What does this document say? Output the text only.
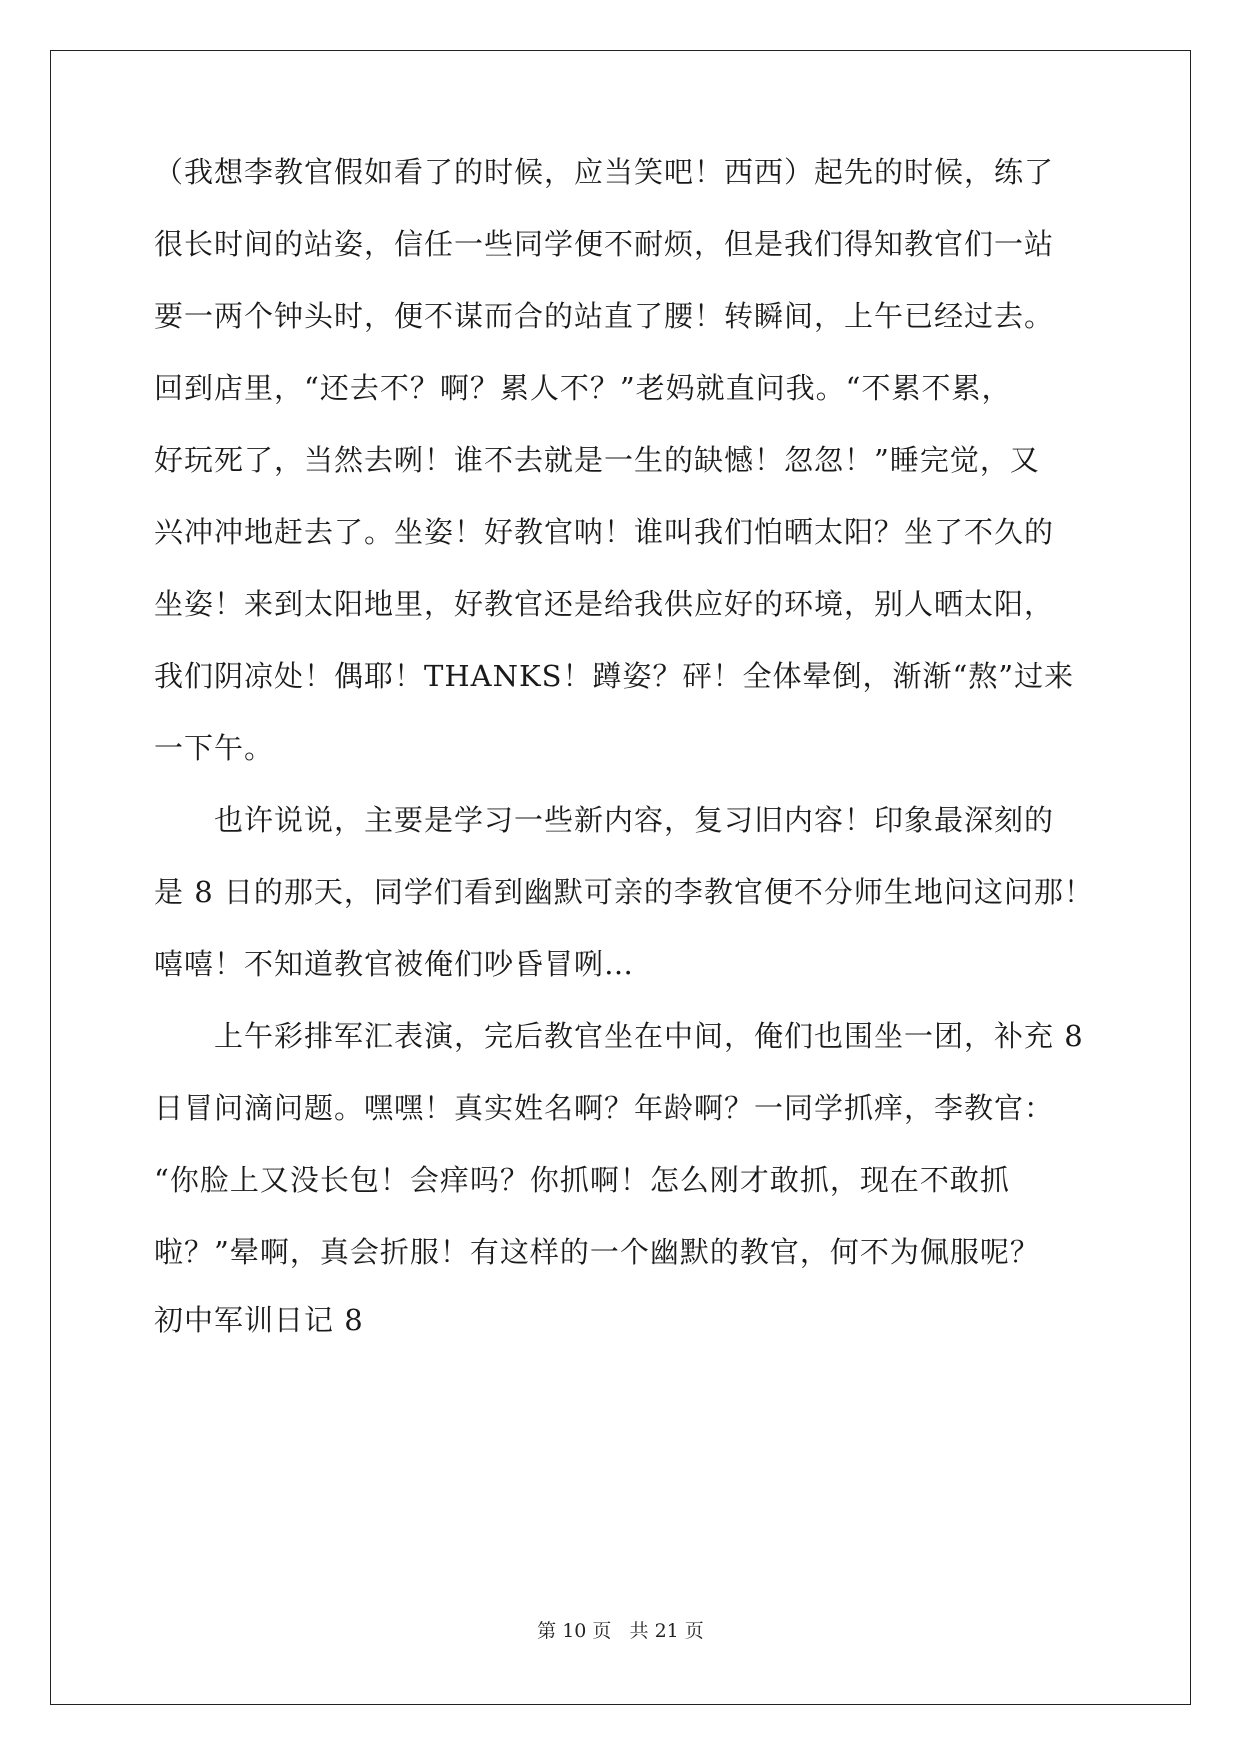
（我想李教官假如看了的时候，应当笑吧！西西）起先的时候，练了
很长时间的站姿，信任一些同学便不耐烦，但是我们得知教官们一站
要一两个钟头时，便不谋而合的站直了腰！转瞬间，上午已经过去。
回到店里，“还去不？啊？累人不？”老妈就直问我。“不累不累，
好玩死了，当然去咧！谁不去就是一生的缺憾！忽忽！”睡完觉，又
兴冲冲地赶去了。坐姿！好教官呐！谁叫我们怕晒太阳？坐了不久的
坐姿！来到太阳地里，好教官还是给我供应好的环境，别人晒太阳，
我们阴凉处！偶耶！THANKS！蹲姿？砰！全体晕倒，渐渐“熬”过来
一下午。
也许说说，主要是学习一些新内容，复习旧内容！印象最深刻的
是 8 日的那天，同学们看到幽默可亲的李教官便不分师生地问这问那！
嘻嘻！不知道教官被俺们吵昏冒咧…
上午彩排军汇表演，完后教官坐在中间，俺们也围坐一团，补充 8
日冒问滴问题。嘿嘿！真实姓名啊？年龄啊？一同学抓痒，李教官：
“你脸上又没长包！会痒吗？你抓啊！怎么刚才敢抓，现在不敢抓
啦？”晕啊，真会折服！有这样的一个幽默的教官，何不为佩服呢？
初中军训日记 8
第 10 页   共 21 页
